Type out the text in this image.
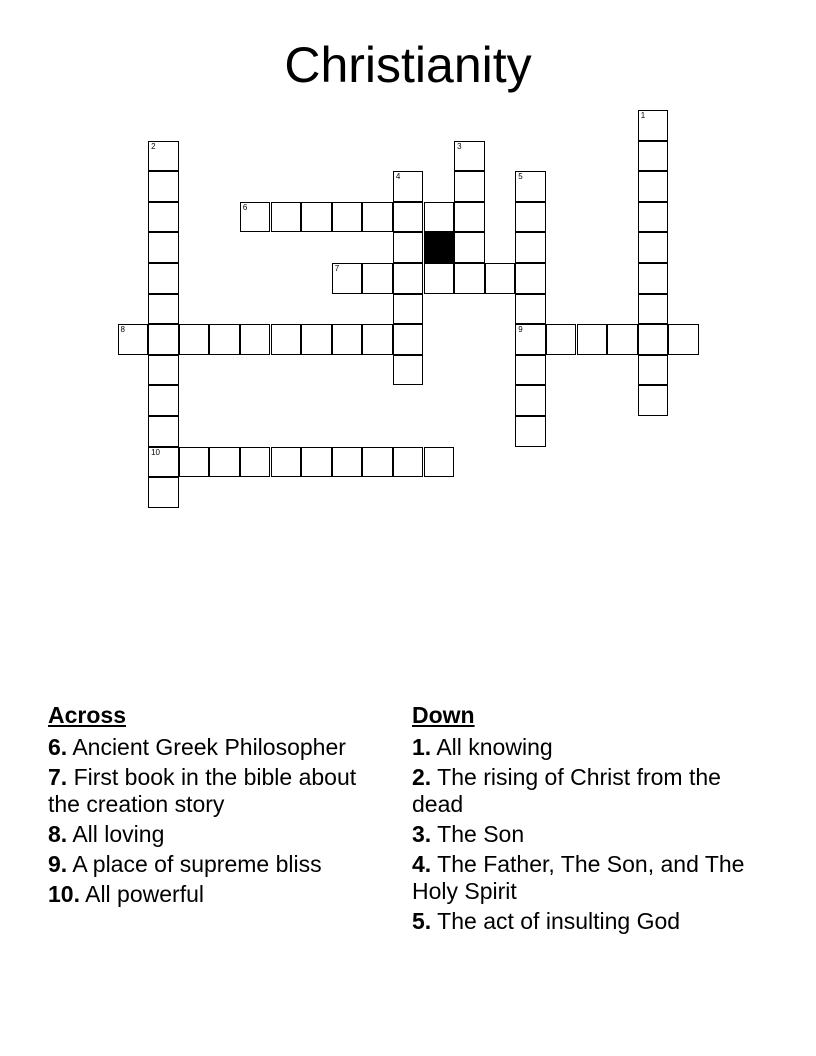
Christianity
1
2
10
3
4	5
9
6
7
8
Across
6. Ancient Greek Philosopher
7. First book in the bible about the creation story
8. All loving
9. A place of supreme bliss
10. All powerful
Down
1. All knowing
2. The rising of Christ from the dead
3. The Son
4. The Father, The Son, and The Holy Spirit
5. The act of insulting God
